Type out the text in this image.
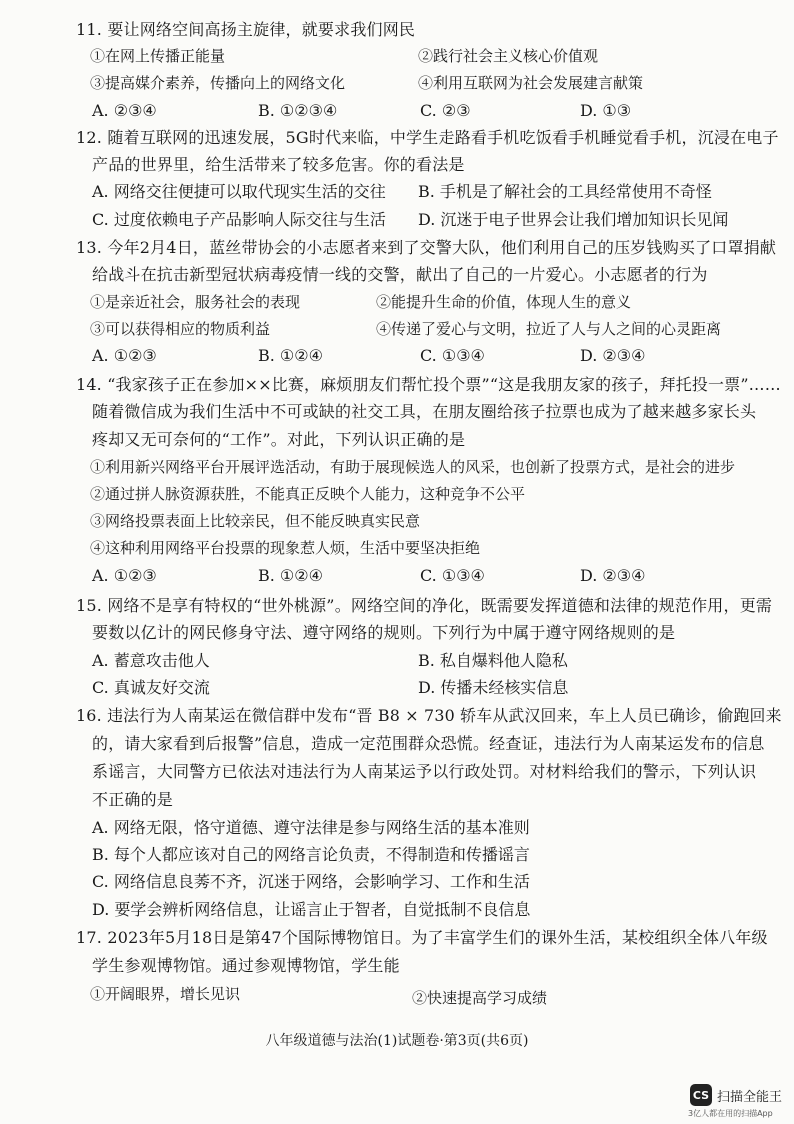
11. 要让网络空间高扬主旋律，就要求我们网民
①在网上传播正能量	②践行社会主义核心价值观
③提高媒介素养，传播向上的网络文化	④利用互联网为社会发展建言献策
A. ②③④	B. ①②③④	C. ②③	D. ①③
12. 随着互联网的迅速发展，5G时代来临，中学生走路看手机吃饭看手机睡觉看手机，沉浸在电子
产品的世界里，给生活带来了较多危害。你的看法是
A. 网络交往便捷可以取代现实生活的交往 B. 手机是了解社会的工具经常使用不奇怪
C. 过度依赖电子产品影响人际交往与生活 D. 沉迷于电子世界会让我们增加知识长见闻
13. 今年2月4日，蓝丝带协会的小志愿者来到了交警大队，他们利用自己的压岁钱购买了口罩捐献
给战斗在抗击新型冠状病毒疫情一线的交警，献出了自己的一片爱心。小志愿者的行为
①是亲近社会，服务社会的表现	②能提升生命的价值，体现人生的意义
③可以获得相应的物质利益	④传递了爱心与文明，拉近了人与人之间的心灵距离
A. ①②③	B. ①②④	C. ①③④	D. ②③④
14. “我家孩子正在参加××比赛，麻烦朋友们帮忙投个票”“这是我朋友家的孩子，拜托投一票”……
随着微信成为我们生活中不可或缺的社交工具，在朋友圈给孩子拉票也成为了越来越多家长头
疼却又无可奈何的“工作”。对此，下列认识正确的是
①利用新兴网络平台开展评选活动，有助于展现候选人的风采，也创新了投票方式，是社会的进步
②通过拼人脉资源获胜，不能真正反映个人能力，这种竞争不公平
③网络投票表面上比较亲民，但不能反映真实民意
④这种利用网络平台投票的现象惹人烦，生活中要坚决拒绝
A. ①②③	B. ①②④	C. ①③④	D. ②③④
15. 网络不是享有特权的“世外桃源”。网络空间的净化，既需要发挥道德和法律的规范作用，更需
要数以亿计的网民修身守法、遵守网络的规则。下列行为中属于遵守网络规则的是
A. 蓄意攻击他人	B. 私自爆料他人隐私
C. 真诚友好交流	D. 传播未经核实信息
16. 违法行为人南某运在微信群中发布“晋 B8 × 730 轿车从武汉回来，车上人员已确诊，偷跑回来
的，请大家看到后报警”信息，造成一定范围群众恐慌。经查证，违法行为人南某运发布的信息
系谣言，大同警方已依法对违法行为人南某运予以行政处罚。对材料给我们的警示，下列认识
不正确的是
A. 网络无限，恪守道德、遵守法律是参与网络生活的基本准则
B. 每个人都应该对自己的网络言论负责，不得制造和传播谣言
C. 网络信息良莠不齐，沉迷于网络，会影响学习、工作和生活
D. 要学会辨析网络信息，让谣言止于智者，自觉抵制不良信息
17. 2023年5月18日是第47个国际博物馆日。为了丰富学生们的课外生活，某校组织全体八年级
学生参观博物馆。通过参观博物馆，学生能
①开阔眼界，增长见识	②快速提高学习成绩
八年级道德与法治(1)试题卷·第3页(共6页)
CS 扫描全能王
3亿人都在用的扫描App
